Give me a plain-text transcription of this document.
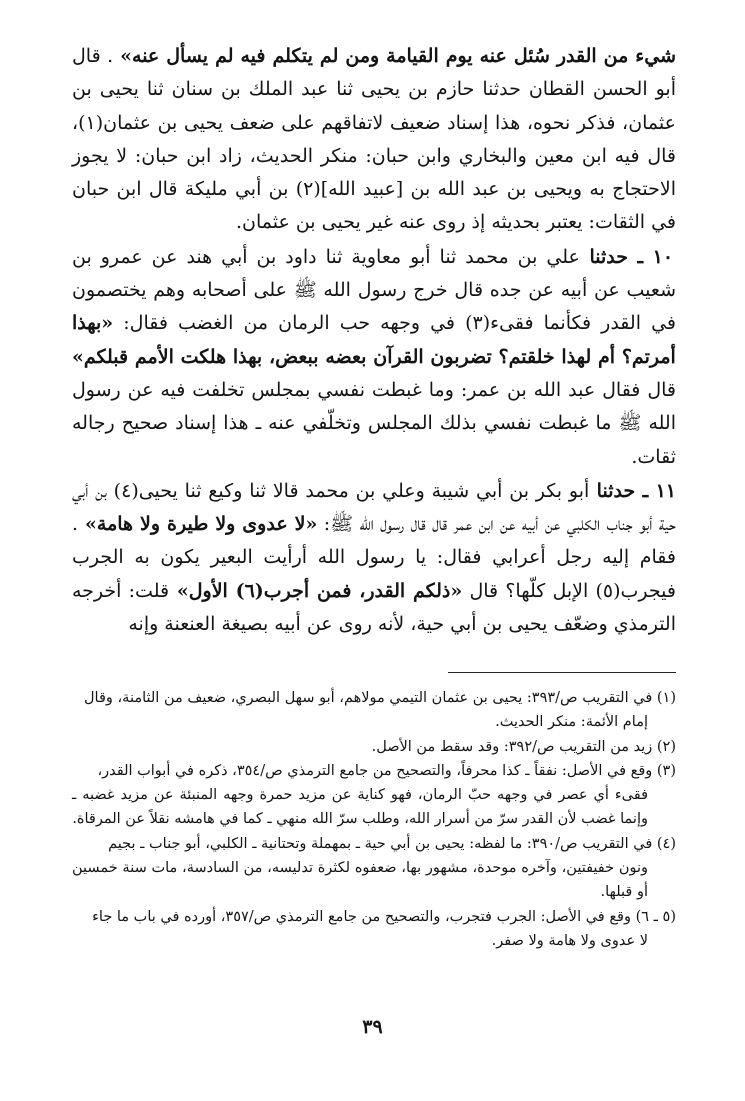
شيء من القدر سُئل عنه يوم القيامة ومن لم يتكلم فيه لم يسأل عنه» . قال أبو الحسن القطان حدثنا حازم بن يحيى ثنا عبد الملك بن سنان ثنا يحيى بن عثمان، فذكر نحوه، هذا إسناد ضعيف لاتفاقهم على ضعف يحيى بن عثمان(١)، قال فيه ابن معين والبخاري وابن حبان: منكر الحديث، زاد ابن حبان: لا يجوز الاحتجاج به ويحيى بن عبد الله بن [عبيد الله](٢) بن أبي مليكة قال ابن حبان في الثقات: يعتبر بحديثه إذ روى عنه غير يحيى بن عثمان.

١٠ ـ حدثنا علي بن محمد ثنا أبو معاوية ثنا داود بن أبي هند عن عمرو بن شعيب عن أبيه عن جده قال خرج رسول الله ﷺ على أصحابه وهم يختصمون في القدر فكأنما فقىء(٣) في وجهه حب الرمان من الغضب فقال: «بهذا أمرتم؟ أم لهذا خلقتم؟ تضربون القرآن بعضه ببعض، بهذا هلكت الأمم قبلكم» قال فقال عبد الله بن عمر: وما غبطت نفسي بمجلس تخلفت فيه عن رسول الله ﷺ ما غبطت نفسي بذلك المجلس وتخلّفي عنه ـ هذا إسناد صحيح رجاله ثقات.

١١ ـ حدثنا أبو بكر بن أبي شيبة وعلي بن محمد قالا ثنا وكيع ثنا يحيى(٤) بن أبي حية أبو جناب الكلبي عن أبيه عن ابن عمر قال قال رسول الله ﷺ: «لا عدوى ولا طيرة ولا هامة» . فقام إليه رجل أعرابي فقال: يا رسول الله أرأيت البعير يكون به الجرب فيجرب(٥) الإبل كلّها؟ قال «ذلكم القدر، فمن أجرب(٦) الأول» قلت: أخرجه الترمذي وضعّف يحيى بن أبي حية، لأنه روى عن أبيه بصيغة العنعنة وإنه

(١) في التقريب ص/٣٩٣: يحيى بن عثمان التيمي مولاهم، أبو سهل البصري، ضعيف من الثامنة، وقال

إمام الأئمة: منكر الحديث.

(٢) زيد من التقريب ص/٣٩٢: وقد سقط من الأصل.

(٣) وقع في الأصل: نفقاً ـ كذا محرفاً، والتصحيح من جامع الترمذي ص/٣٥٤، ذكره في أبواب القدر،

فقىء أي عصر في وجهه حبّ الرمان، فهو كناية عن مزيد حمرة وجهه المنبئة عن مزيد غضبه ـ وإنما غضب لأن القدر سرّ من أسرار الله، وطلب سرّ الله منهي ـ كما في هامشه نقلاً عن المرقاة.

(٤) في التقريب ص/٣٩٠: ما لفظه: يحيى بن أبي حية ـ بمهملة وتحتانية ـ الكلبي، أبو جناب ـ بجيم

ونون خفيفتين، وآخره موحدة، مشهور بها، ضعفوه لكثرة تدليسه، من السادسة، مات سنة خمسين أو قبلها.

(٥ ـ ٦) وقع في الأصل: الجرب فتجرب، والتصحيح من جامع الترمذي ص/٣٥٧، أورده في باب ما جاء

لا عدوى ولا هامة ولا صفر.

٣٩
